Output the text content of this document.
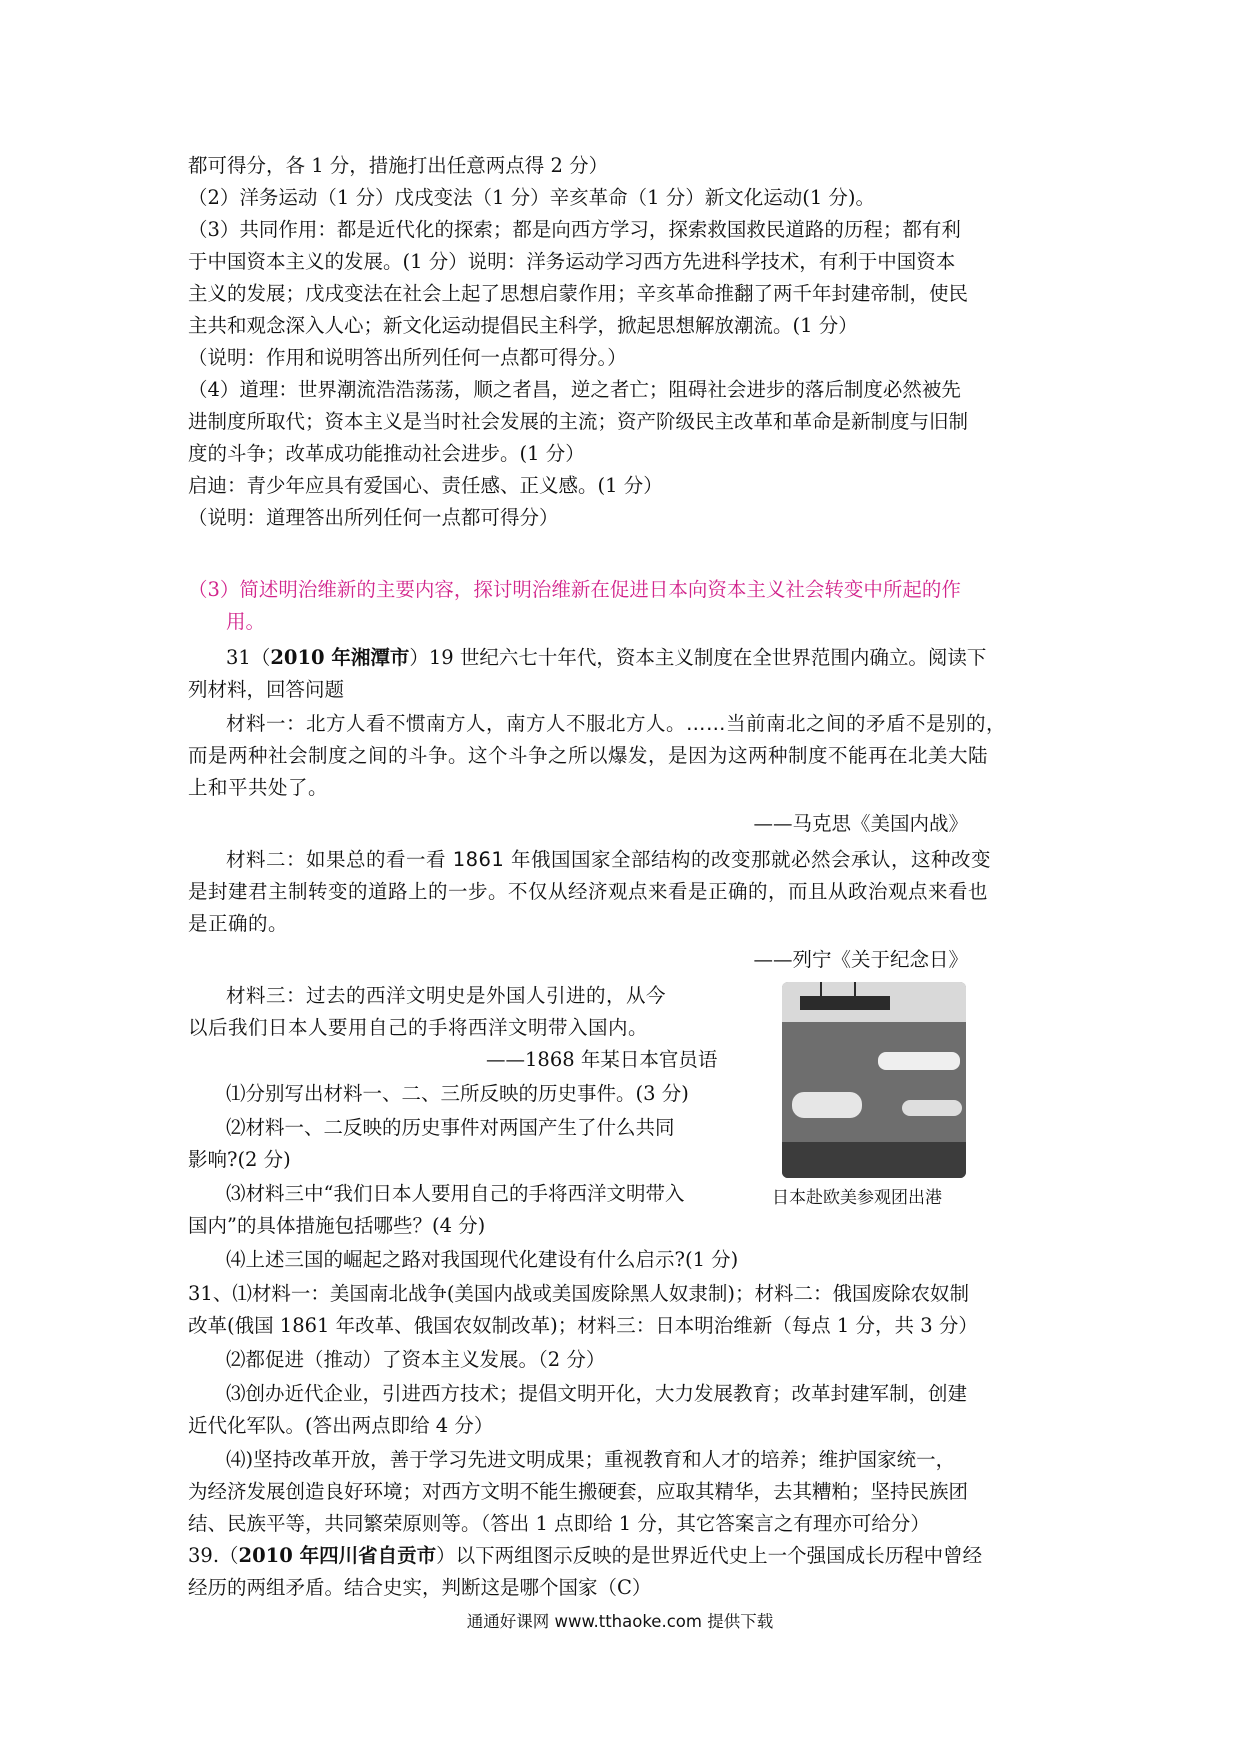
都可得分，各 1 分，措施打出任意两点得 2 分）
（2）洋务运动（1 分）戊戌变法（1 分）辛亥革命（1 分）新文化运动(1 分)。
（3）共同作用：都是近代化的探索；都是向西方学习，探索救国救民道路的历程；都有利
于中国资本主义的发展。(1 分）说明：洋务运动学习西方先进科学技术，有利于中国资本
主义的发展；戊戌变法在社会上起了思想启蒙作用；辛亥革命推翻了两千年封建帝制，使民
主共和观念深入人心；新文化运动提倡民主科学，掀起思想解放潮流。(1 分）
（说明：作用和说明答出所列任何一点都可得分。）
（4）道理：世界潮流浩浩荡荡，顺之者昌，逆之者亡；阻碍社会进步的落后制度必然被先
进制度所取代；资本主义是当时社会发展的主流；资产阶级民主改革和革命是新制度与旧制
度的斗争；改革成功能推动社会进步。(1 分）
启迪：青少年应具有爱国心、责任感、正义感。(1 分）
（说明：道理答出所列任何一点都可得分）
（3）简述明治维新的主要内容，探讨明治维新在促进日本向资本主义社会转变中所起的作
用。
31（2010 年湘潭市）19 世纪六七十年代，资本主义制度在全世界范围内确立。阅读下
列材料，回答问题
材料一：北方人看不惯南方人，南方人不服北方人。……当前南北之间的矛盾不是别的，
而是两种社会制度之间的斗争。这个斗争之所以爆发，是因为这两种制度不能再在北美大陆
上和平共处了。
——马克思《美国内战》
材料二：如果总的看一看 1861 年俄国国家全部结构的改变那就必然会承认，这种改变
是封建君主制转变的道路上的一步。不仅从经济观点来看是正确的，而且从政治观点来看也
是正确的。
——列宁《关于纪念日》
材料三：过去的西洋文明史是外国人引进的，从今
以后我们日本人要用自己的手将西洋文明带入国内。
——1868 年某日本官员语
⑴分别写出材料一、二、三所反映的历史事件。(3 分)
⑵材料一、二反映的历史事件对两国产生了什么共同
影响?(2 分)
⑶材料三中“我们日本人要用自己的手将西洋文明带入
国内”的具体措施包括哪些？(4 分)
⑷上述三国的崛起之路对我国现代化建设有什么启示?(1 分)
日本赴欧美参观团出港
31、⑴材料一：美国南北战争(美国内战或美国废除黑人奴隶制)；材料二：俄国废除农奴制
改革(俄国 1861 年改革、俄国农奴制改革)；材料三：日本明治维新（每点 1 分，共 3 分）
⑵都促进（推动）了资本主义发展。（2 分）
⑶创办近代企业，引进西方技术；提倡文明开化，大力发展教育；改革封建军制，创建
近代化军队。(答出两点即给 4 分）
⑷)坚持改革开放，善于学习先进文明成果；重视教育和人才的培养；维护国家统一，
为经济发展创造良好环境；对西方文明不能生搬硬套，应取其精华，去其糟粕；坚持民族团
结、民族平等，共同繁荣原则等。（答出 1 点即给 1 分，其它答案言之有理亦可给分）
39.（2010 年四川省自贡市）以下两组图示反映的是世界近代史上一个强国成长历程中曾经
经历的两组矛盾。结合史实，判断这是哪个国家（C）
通通好课网 www.tthaoke.com 提供下载
